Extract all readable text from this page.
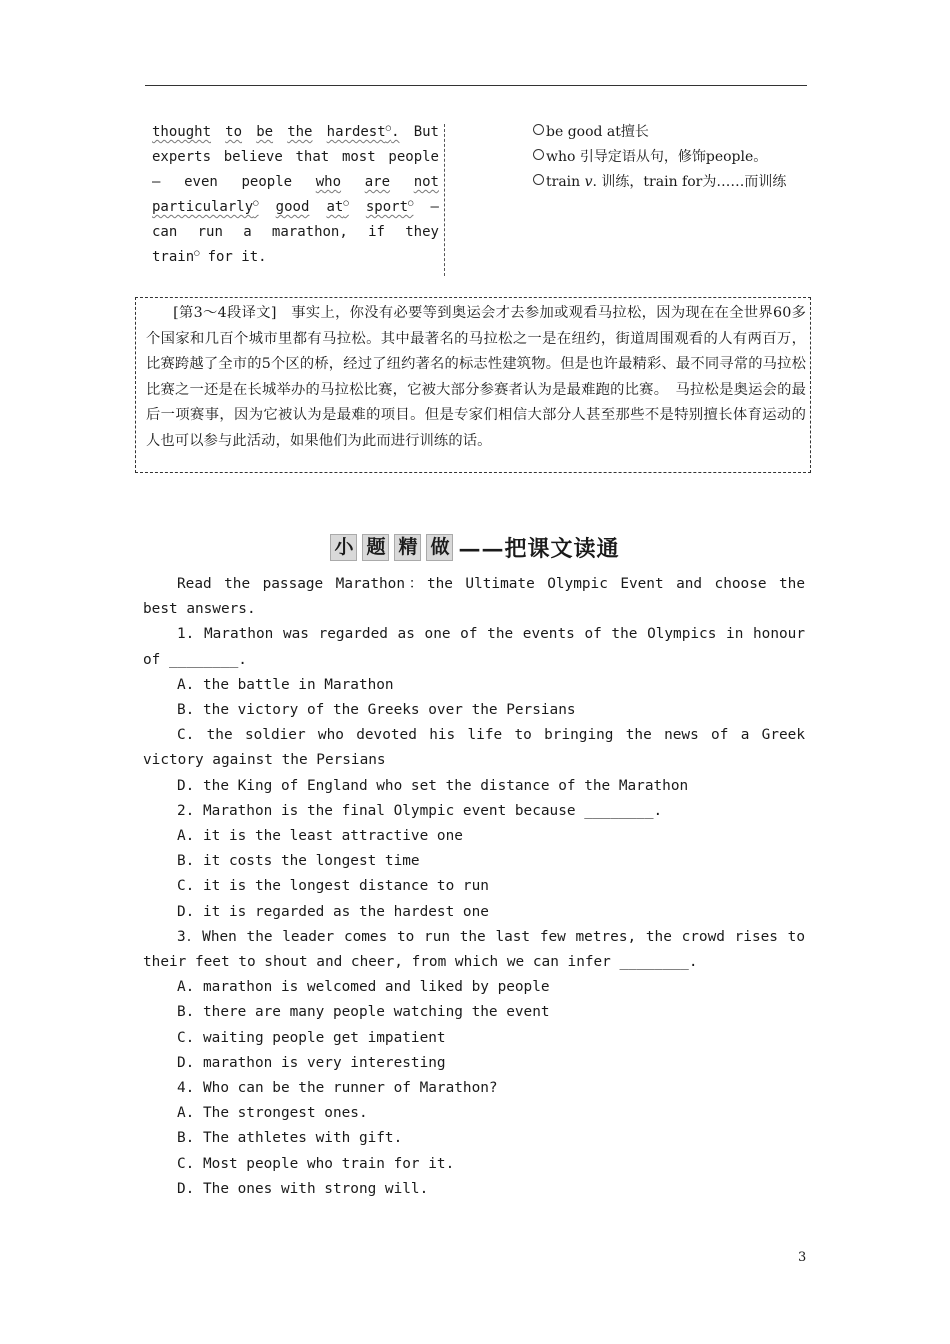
thought to be the hardest○. But
experts believe that most people
— even people who are not
particularly○ good at○ sport○ —
can run a marathon, if they
train○ for it.
be good at擅长
who 引导定语从句，修饰people。
train v. 训练，train for为……而训练
[第3～4段译文]　事实上，你没有必要等到奥运会才去参加或观看马拉松，因为现在在全世界60多个国家和几百个城市里都有马拉松。其中最著名的马拉松之一是在纽约，街道周围观看的人有两百万，比赛跨越了全市的5个区的桥，经过了纽约著名的标志性建筑物。但是也许最精彩、最不同寻常的马拉松比赛之一还是在长城举办的马拉松比赛，它被大部分参赛者认为是最难跑的比赛。　马拉松是奥运会的最后一项赛事，因为它被认为是最难的项目。但是专家们相信大部分人甚至那些不是特别擅长体育运动的人也可以参与此活动，如果他们为此而进行训练的话。
小 题 精 做 ——把课文读通
Read the passage Marathon：the Ultimate Olympic Event and choose the best answers.
1. Marathon was regarded as one of the events of the Olympics in honour of ________.
A. the battle in Marathon
B. the victory of the Greeks over the Persians
C. the soldier who devoted his life to bringing the news of a Greek victory against the Persians
D. the King of England who set the distance of the Marathon
2. Marathon is the final Olympic event because ________.
A. it is the least attractive one
B. it costs the longest time
C. it is the longest distance to run
D. it is regarded as the hardest one
3．When the leader comes to run the last few metres, the crowd rises to their feet to shout and cheer, from which we can infer ________.
A. marathon is welcomed and liked by people
B. there are many people watching the event
C. waiting people get impatient
D. marathon is very interesting
4. Who can be the runner of Marathon?
A. The strongest ones.
B. The athletes with gift.
C. Most people who train for it.
D. The ones with strong will.
3
